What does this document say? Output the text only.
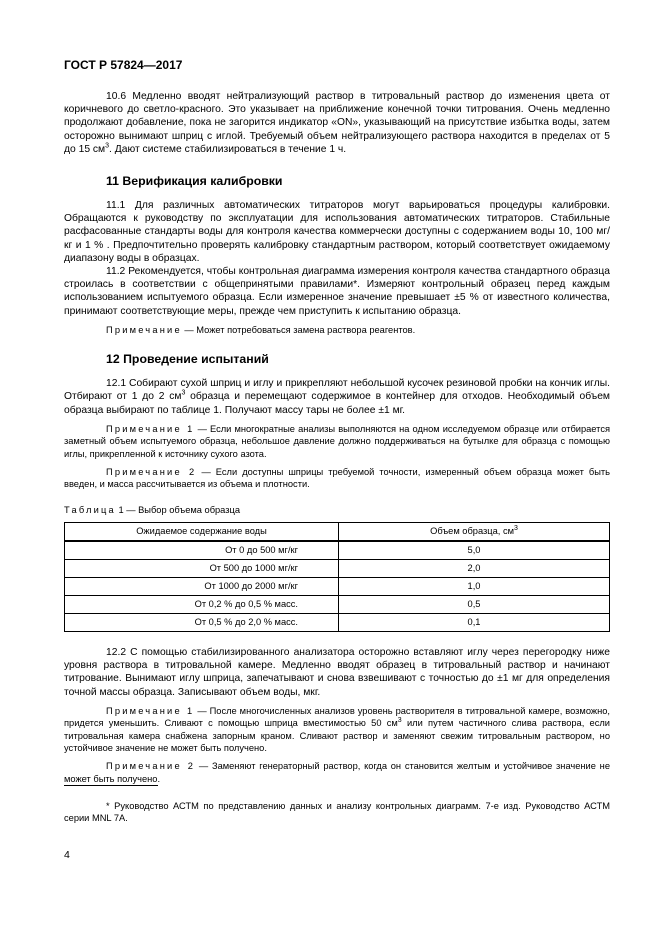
ГОСТ Р 57824—2017

10.6 Медленно вводят нейтрализующий раствор в титровальный раствор до изменения цвета от коричневого до светло-красного. Это указывает на приближение конечной точки титрования. Очень медленно продолжают добавление, пока не загорится индикатор «ON», указывающий на присутствие избытка воды, затем осторожно вынимают шприц с иглой. Требуемый объем нейтрализующего раствора находится в пределах от 5 до 15 $см^3$. Дают системе стабилизироваться в течение 1 ч.

11 Верификация калибровки

11.1 Для различных автоматических титраторов могут варьироваться процедуры калибровки. Обращаются к руководству по эксплуатации для использования автоматических титраторов. Стабильные расфасованные стандарты воды для контроля качества коммерчески доступны с содержанием воды 10, 100 мг/кг и 1 % . Предпочтительно проверять калибровку стандартным раствором, который соответствует ожидаемому диапазону воды в образцах.

11.2 Рекомендуется, чтобы контрольная диаграмма измерения контроля качества стандартного образца строилась в соответствии с общепринятыми правилами*. Измеряют контрольный образец перед каждым использованием испытуемого образца. Если измеренное значение превышает ±5 % от известного количества, принимают соответствующие меры, прежде чем приступить к испытанию образца.

Примечание — Может потребоваться замена раствора реагентов.

12 Проведение испытаний

12.1 Собирают сухой шприц и иглу и прикрепляют небольшой кусочек резиновой пробки на кончик иглы. Отбирают от 1 до 2 $см^3$ образца и перемещают содержимое в контейнер для отходов. Необходимый объем образца выбирают по таблице 1. Получают массу тары не более ±1 мг.

Примечание 1 — Если многократные анализы выполняются на одном исследуемом образце или отбирается заметный объем испытуемого образца, небольшое давление должно поддерживаться на бутылке для образца с помощью иглы, прикрепленной к источнику сухого азота.

Примечание 2 — Если доступны шприцы требуемой точности, измеренный объем образца может быть введен, и масса рассчитывается из объема и плотности.

Таблица 1 — Выбор объема образца

Ожидаемое содержание воды	Объем образца, $см^3$
От 0 до 500 мг/кг	5,0
От 500 до 1000 мг/кг	2,0
От 1000 до 2000 мг/кг	1,0
От 0,2 % до 0,5 % масс.	0,5
От 0,5 % до 2,0 % масс.	0,1

12.2 С помощью стабилизированного анализатора осторожно вставляют иглу через перегородку ниже уровня раствора в титровальной камере. Медленно вводят образец в титровальный раствор и начинают титрование. Вынимают иглу шприца, запечатывают и снова взвешивают с точностью до ±1 мг для определения точной массы образца. Записывают объем воды, мкг.

Примечание 1 — После многочисленных анализов уровень растворителя в титровальной камере, возможно, придется уменьшить. Сливают с помощью шприца вместимостью 50 $см^3$ или путем частичного слива раствора, если титровальная камера снабжена запорным краном. Сливают раствор и заменяют свежим титровальным раствором, но устойчивое значение не может быть получено.

Примечание 2 — Заменяют генераторный раствор, когда он становится желтым и устойчивое значение не может быть получено.

* Руководство АСТМ по представлению данных и анализу контрольных диаграмм. 7-е изд. Руководство АСТМ серии MNL 7A.

4
